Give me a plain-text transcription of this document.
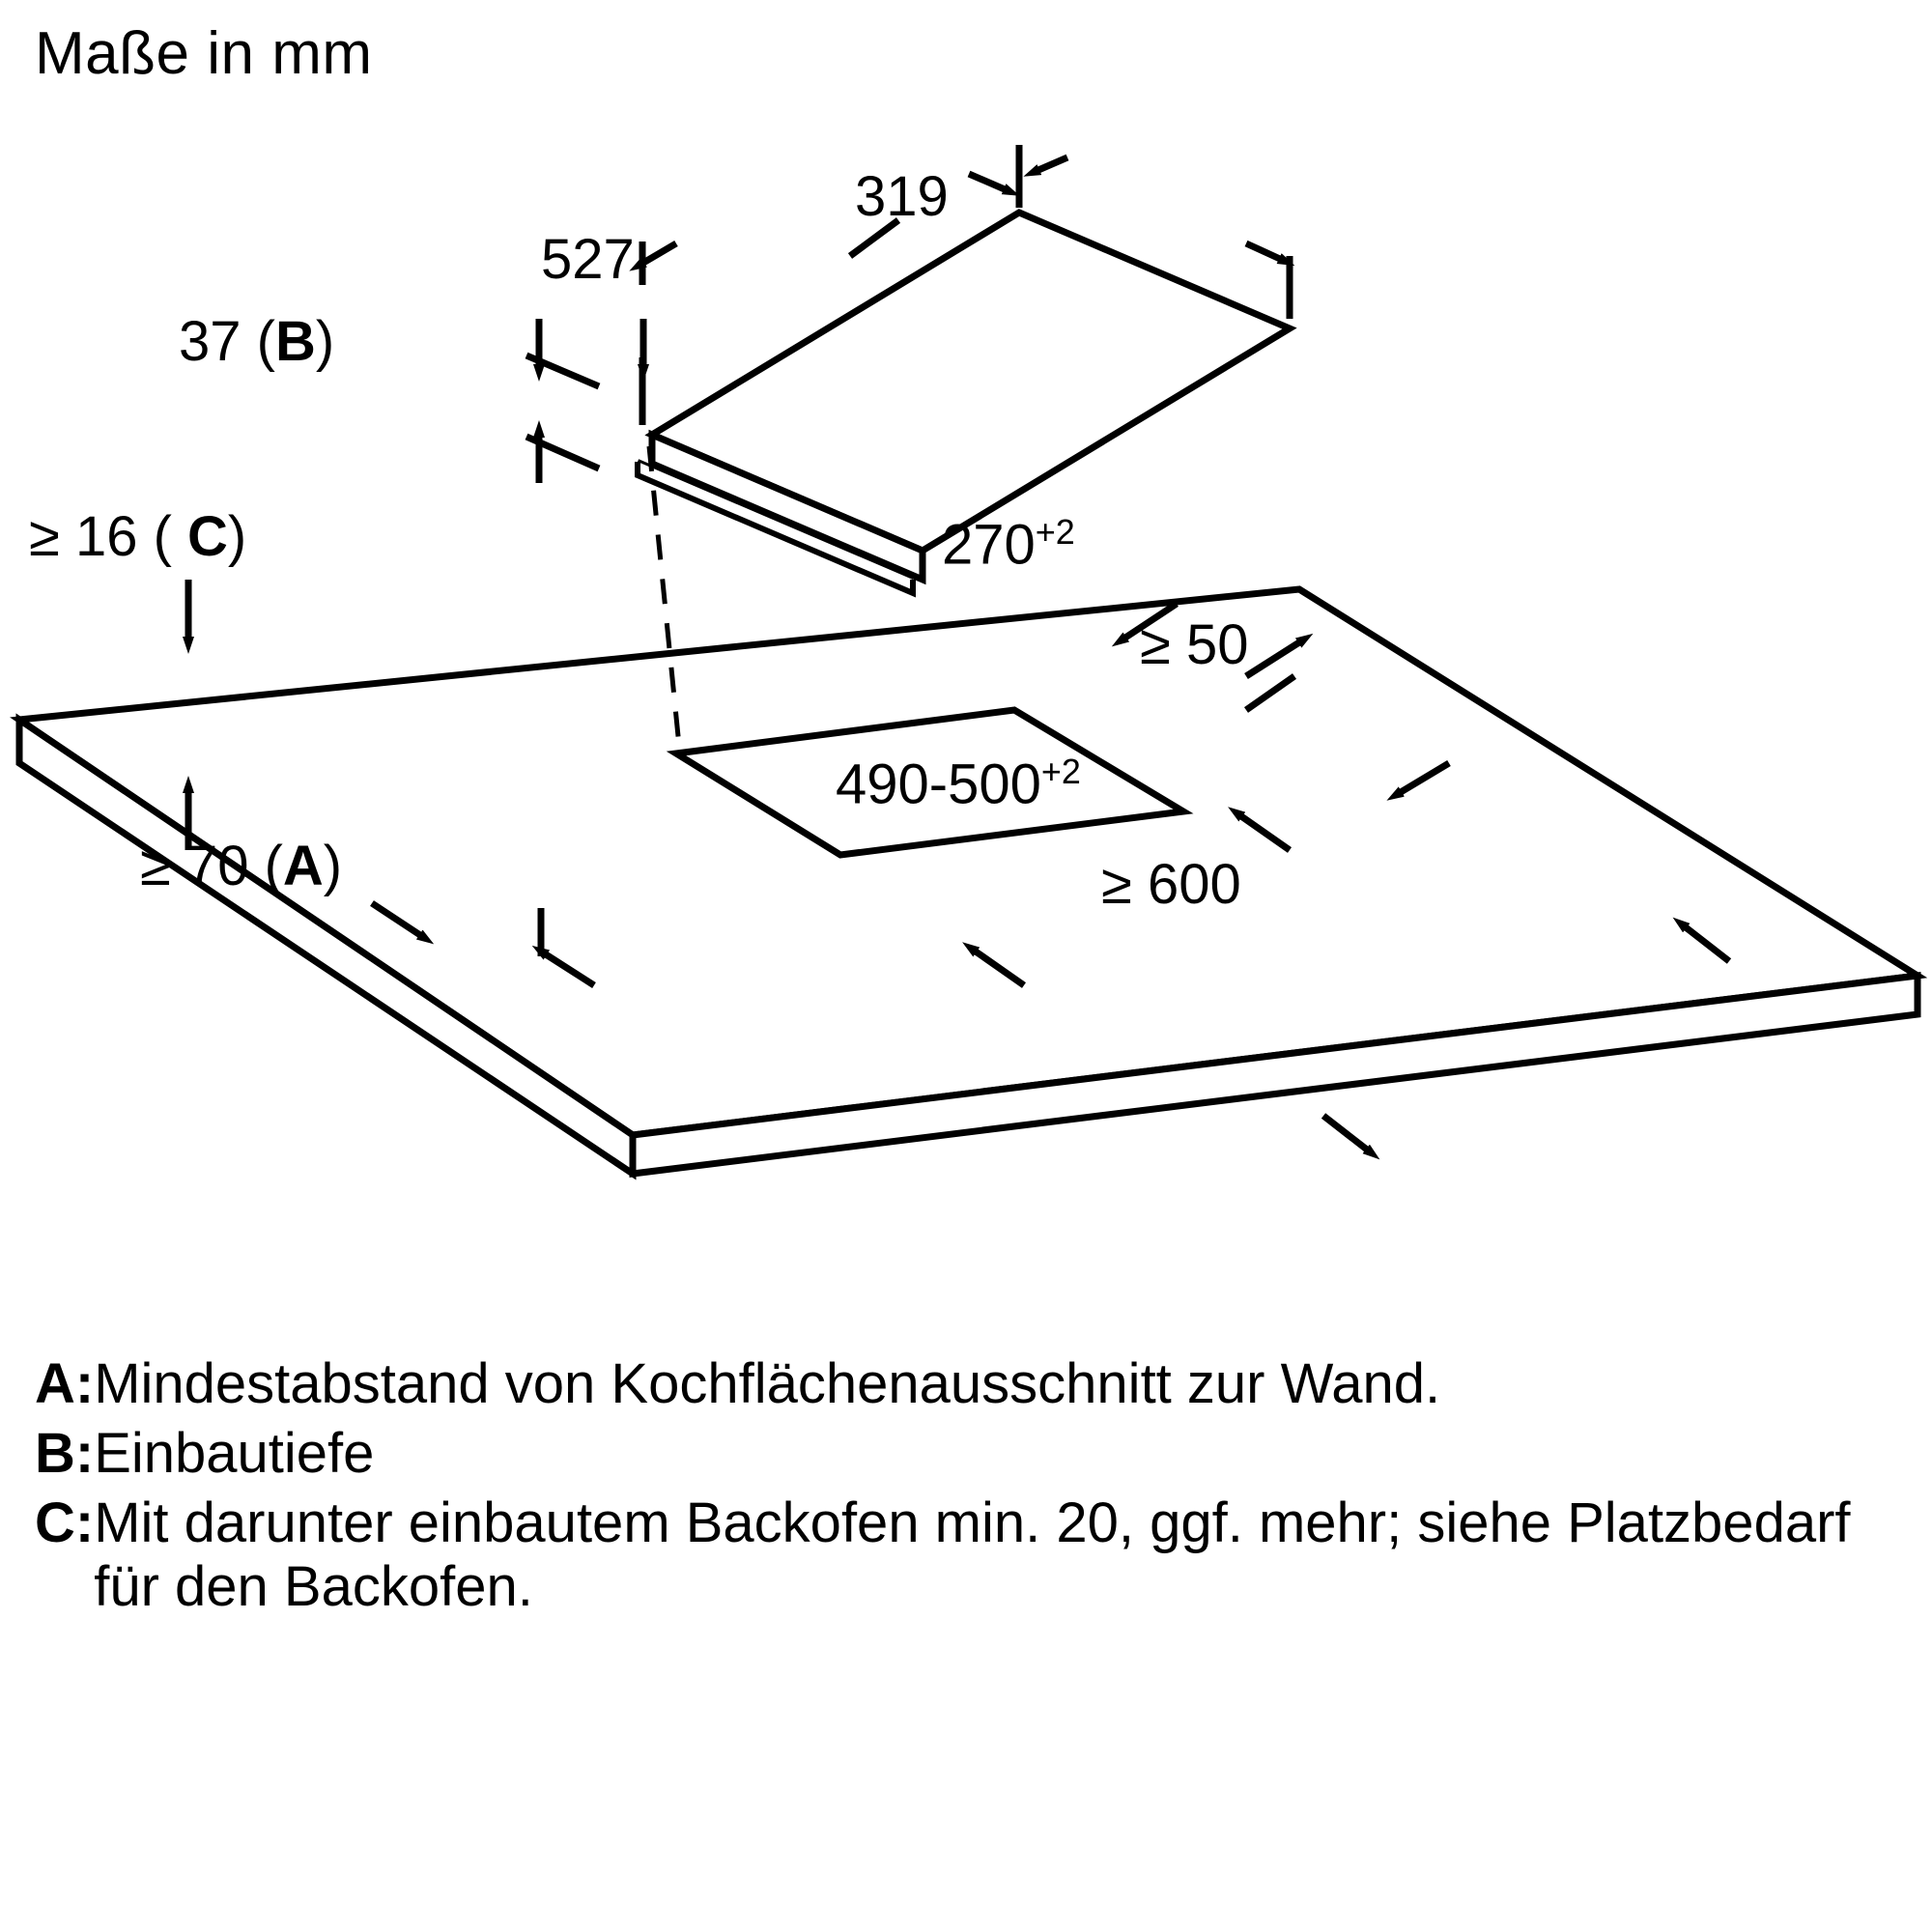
Maße in mm
527
319
37 (B)
≥ 16 ( C)	$270^{+2}$
≥ 50
$490-500^{+2}$
≥ 70 (A)	≥ 600
A: Mindestabstand von Kochflächenausschnitt zur Wand.
B: Einbautiefe
C: Mit darunter einbautem Backofen min. 20, ggf. mehr; siehe Platzbedarf für den Backofen.
